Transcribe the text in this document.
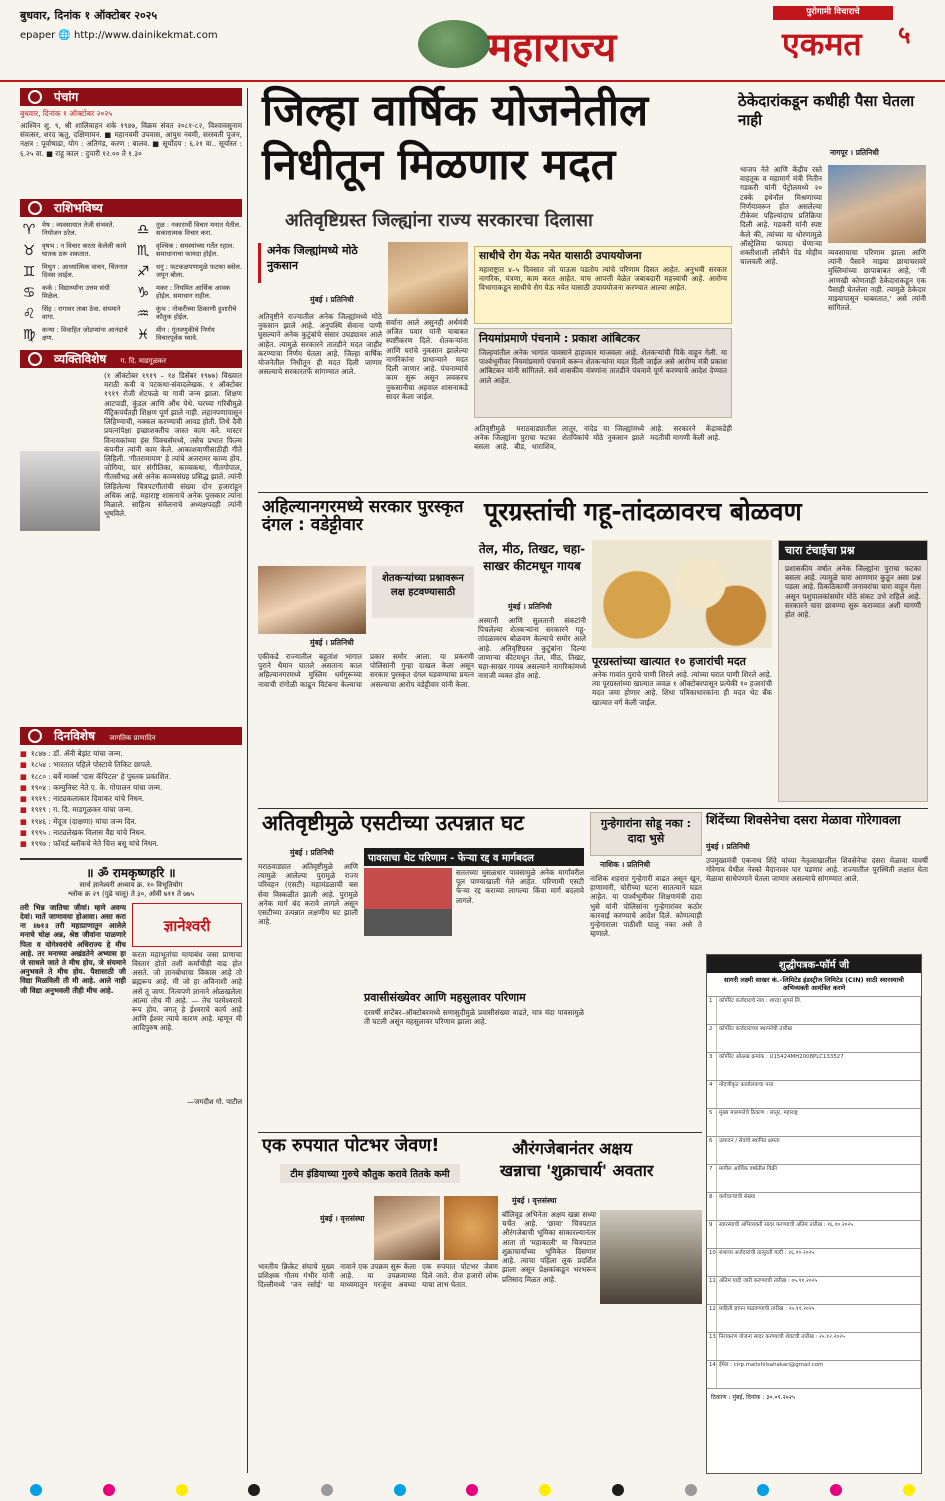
बुधवार, दिनांक १ ऑक्टोबर २०२५
epaper 🌐 http://www.dainikekmat.com	महाराज्य
पुरोगामी विचाराचे
एकमत ५
पंचांग
बुधवार, दिनांक १ ऑक्टोबर २०२५
आश्विन शु. ९, श्री शालिवाहन शके १९४७, विक्रम संवत २०८१-८२, विश्वावसुनाम संवत्सर, शरद ऋतु, दक्षिणायन. ■ महानवमी उपवास, आयुध नवमी, सरस्वती पूजन, नक्षत्र : पूर्वाषाढा, योग : अतिगंड, करण : बालव. ■ सूर्योदय : ६.२१ वा.. सूर्यास्त : ६.२५ वा. ■ राहु काल : दुपारी १२.०० ते १.३०
राशिभविष्य
♈	मेष : व्यवसायात तेजी संभवते. नियोजन ठरेल.	♎	तुळ : नकारार्थी विचार मनात येतील. सकारात्मक विचार करा.
♉	वृषभ : न विचार करता केलेली कामे घातक ठरू शकतात.	♏	वृश्चिक : समस्यांच्या गर्तेत रहाल. समाधानाचा फायदा होईल.
♊	मिथुन : आध्यात्मिक वाचन, चिंतनात दिवस जाईल.	♐	धनु : फटकळपणामुळे फटका बसेल. जपून बोला.
♋	कर्क : विद्यार्थ्यांना उत्तम संधी मिळेल.	♑	मकर : नियमित आर्थिक आवक होईल. समाधान राहील.
♌	सिंह : रागावर ताबा ठेवा. संयमाने वागा.	♒	कुंभ : नोकरीच्या ठिकाणी हुशारीचे कौतुक होईल.
♍	कन्या : विवाहित जोडप्यांना आनंदाचे क्षण.	♓	मीन : गुंतवणुकीचे निर्णय विचारपूर्वक घ्यावे.
व्यक्तिविशेष ग. दि. माडगूळकर
(१ ऑक्टोबर १९१९ – १४ डिसेंबर १९७७) विख्यात मराठी कवी व पटकथा-संवादलेखक. १ ऑक्टोबर १९१९ रोजी शेटफळे या गावी जन्म झाला. शिक्षण आटपाडी, कुंडल आणि औंध येथे. घरच्या गरिबीमुळे मॅट्रिकपर्यंतही शिक्षण पूर्ण झाले नाही. लहानपणापासून लिहिण्याची, नक्कल करण्याची आवड होती. तिथे दैवी प्रयत्नांपेक्षा इच्छाशक्तीच जास्त काम करे. मास्टर विनायकांच्या हंस पिक्चर्समध्ये, तसेच प्रभात फिल्म कंपनीत त्यांनी काम केले. आकाशवाणीसाठीही गीते लिहिली. 'गीतरामायण' हे त्यांचे अजरामर काव्य होय. जोगिया, चार संगीतिका, काव्यकथा, गीतगोपाल, गीतसौभद्र असे अनेक काव्यसंग्रह प्रसिद्ध झाले. त्यांनी लिहिलेल्या चित्रपटगीतांची संख्या दोन हजारांहून अधिक आहे. महाराष्ट्र शासनाचे अनेक पुरस्कार त्यांना मिळाले. साहित्य संमेलनाचे अध्यक्षपदही त्यांनी भूषविले.
दिनविशेष जागतिक प्राणादिन
■ १८४७ : डॉ. ॲनी बेझंट यांचा जन्म.
■ १८५४ : भारतात पहिले पोस्टाचे तिकिट छापले.
■ १८८० : बर्वे मार्क्स 'दास कॅपिटल' हे पुस्तक प्रकाशित.
■ १९०४ : कम्युनिस्ट नेते ए. के. गोपालन यांचा जन्म.
■ १९१९ : नाट्यकलाकार दिवाकर यांचे निधन.
■ १९१९ : ग. दि. माडगूळकर यांचा जन्म.
■ १९४६ : मेंदूज (दाक्षणा) यांचा जन्म दिन.
■ १९९५ : नाट्यलेखक विलास वैद्य यांचे निधन.
■ १९९७ : फॉवर्ड ब्लॉकचे नेते चित्त बसू यांचे निधन.
॥ ॐ रामकृष्णहरि ॥
सार्थ ज्ञानेश्वरी अध्याय क्र. १० विभूतियोग
श्लोक क्र २९ (पुढे चालू) ते ३०, ओवी ७११ ते ७७५
तरी भिन्न जातिचा जीवां। म्हणे अवग्य देवां। मातें जाणावया होआवा। असा करा ना ॥७१॥ तरी महाप्राणातुन आलेले मनाचे चोक्ष अन्न, श्रेष्ठ जीवांना पाळणारे पिता व योगेश्वरांचे अधिराज्य हे मीच आहे. तर मनाच्या अखंडतेने अभ्यास हा जे साधले जाते ते मीच होय, जे संयमाने अनुभवले ते मीच होय. पैशासाठी जी विद्या मिळविली ती मी आहे. आले नाही जी विद्या अनुभवली तीही मीच आहे.
ज्ञानेश्वरी
करता महाभूतांचा मायाबंध जसा प्राणाचा विस्तार होतो तशी कर्माचीही वाढ होत असते. जो ज्ञानबोधाचा विकास आहे तो ब्रह्मरूप आहे. मी जो हा अविनाशी आहे असे तू जाण. नित्यपणे ज्ञानाने ओळखलेला आत्मा तोच मी आहे. — तेच परमेश्वराचे रूप होय. जगत् हे ईश्वराचे कार्य आहे आणि ईश्वर त्याचे कारण आहे. म्हणून मी आदिपुरुष आहे.
—जगदीश गो. पाटील
जिल्हा वार्षिक योजनेतील
निधीतून मिळणार मदत
अतिवृष्टिग्रस्त जिल्ह्यांना राज्य सरकारचा दिलासा
अनेक जिल्ह्यांमध्ये मोठे नुकसान
मुंबई । प्रतिनिधी
अतिवृष्टीने राज्यातील अनेक जिल्ह्यांमध्ये मोठे नुकसान झाले आहे. अनुपस्थि सेवाना पाणी घुसल्याने अनेक कुटुंबांचे संसार उघड्यावर आले आहेत. त्यामुळे सरकारने तातडीने मदत जाहीर करण्याचा निर्णय घेतला आहे. जिल्हा वार्षिक योजनेतील निधीतून ही मदत दिली जाणार असल्याचे सरकारतर्फे सांगण्यात आले.
सर्वाना आले असुनही अर्थमंत्री अजित पवार यांनी याबाबत स्पष्टीकरण दिले. शेतकऱ्यांना आणि घरांचे नुकसान झालेल्या नागरिकांना प्राधान्याने मदत दिली जाणार आहे. पंचनाम्यांचे काम सुरू असून लवकरच नुकसानीचा अहवाल शासनाकडे सादर केला जाईल.
साथीचे रोग येऊ नयेत यासाठी उपाययोजना
महाराष्ट्रात ४–५ दिवसात जो पाऊस पडतोय त्यांचे परिणाम दिसत आहेत. अनुभवी सरकार नागरिक, यंत्रणा, काम करत आहेत. याच आपत्ती वेळेत जबाबदारी महत्त्वाची आहे. आरोग्य विभागाकडून साथीचे रोग येऊ नयेत यासाठी उपाययोजना करण्यात आल्या आहेत.
नियमांप्रमाणे पंचनामे : प्रकाश आंबिटकर
जिल्हयांतील अनेक भागांत पावसाने हाहाकार माजवला आहे. शेतकऱ्यांची पिके वाहून गेली. या पार्श्वभूमीवर नियमांप्रमाणे पंचनामे करून शेतकऱ्यांना मदत दिली जाईल असे आरोग्य मंत्री प्रकाश आंबिटकर यांनी सांगितले. सर्व शासकीय यंत्रणांना तातडीने पंचनामे पूर्ण करण्याचे आदेश देण्यात आले आहेत.
अतिवृष्टीमुळे मराठवाड्यातील अनेक जिल्ह्यांना पुराचा फटका बसला आहे. बीड, धाराशिव, लातूर, नांदेड या जिल्ह्यांमध्ये शेतपिकांचे मोठे नुकसान झाले आहे. सरकारने केंद्राकडेही मदतीची मागणी केली आहे.
ठेकेदारांकडून कधीही पैसा घेतला नाही
नागपूर । प्रतिनिधी
भाजप नेते आणि केंद्रीय रस्ते वाहतूक व महामार्ग मंत्री नितीन गडकरी यांनी पेट्रोलमध्ये २० टक्के इथेनॉल मिश्रणाच्या निर्णयावरून होत असलेल्या टीकेवर पहिल्यांदाच प्रतिक्रिया दिली आहे. गडकरी यांनी स्पष्ट केले की, त्यांच्या या धोरणामुळे ऑस्ट्रेलिया फायदा घेणाऱ्या शक्तीशाली लॉबीने पेड मोहीम चालवली आहे.
व्यवसायाचा परिणाम झाला आणि त्यांनी पैसाने माझ्या छायाचरावरे मुस्लिमांच्या छापाबाबत आहे, 'मी आणखी कोणताही ठेकेदाराकडून एक पैसाही घेतलेला नाही. त्यामुळे ठेकेदार माझ्यापासून घाबरतात,' असे त्यांनी सांगितले.
अहिल्यानगरमध्ये सरकार पुरस्कृत दंगल : वडेट्टीवार
शेतकऱ्यांच्या प्रश्नावरून लक्ष हटवण्यासाठी
मुंबई । प्रतिनिधी
एकीकडे राज्यातील बहुतांश भागात पुराने थैमान घातले असताना काल अहिल्यानगरमध्ये मुस्लिम धर्मगुरूच्या नावाची रांगोळी काढून विटंबना केल्याचा प्रकार समोर आला. या प्रकरणी पोलिसांनी गुन्हा दाखल केला असून सरकार पुरस्कृत दंगल घडवण्याचा प्रयत्न असल्याचा आरोप वडेट्टीवार यांनी केला.
पूरग्रस्तांची गहू-तांदळावरच बोळवण
तेल, मीठ, तिखट, चहा-साखर कीटमधून गायब
मुंबई । प्रतिनिधी
अस्मानी आणि सुलतानी संकटांनी पिचलेल्या शेतकऱ्यांना सरकारने गहू-तांदळावरच बोळवण केल्याचे समोर आले आहे. अतिवृष्टिग्रस्त कुटुंबांना दिल्या जाणाऱ्या कीटमधून तेल, मीठ, तिखट, चहा-साखर गायब असल्याने नागरिकांमध्ये नाराजी व्यक्त होत आहे.
पूरग्रस्तांच्या खात्यात १० हजारांची मदत
अनेक गावांत पुराचे पाणी शिरले आहे. त्यांच्या घरात पाणी शिरले आहे. त्या पूरग्रस्तांच्या खात्यात जवळ १ ऑक्टोबरपासून प्रत्येकी १० हजारांची मदत जमा होणार आहे. शिधा पत्रिकाधारकांना ही मदत थेट बँक खात्यात वर्ग केली जाईल.
चारा टंचाईचा प्रश्न
प्रशासकीय वर्षात अनेक जिल्ह्यांना पुराचा फटका बसला आहे. त्यामुळे चारा आणणार कुठून असा प्रश्न पडला आहे. ठिकठिकाणी जनावरांचा चारा वाहून गेला असून पशुपालकांसमोर मोठे संकट उभे राहिले आहे. सरकारने चारा छावण्या सुरू कराव्यात अशी मागणी होत आहे.
अतिवृष्टीमुळे एसटीच्या उत्पन्नात घट
मुंबई । प्रतिनिधी
मराठवाड्यात अतिवृष्टीमुळे आणि त्यामुळे आलेल्या पुरामुळे राज्य परिवहन (एसटी) महामंडळाची बस सेवा विस्कळीत झाली आहे. पुरामुळे अनेक मार्ग बंद करावे लागले असून एसटीच्या उत्पन्नात लक्षणीय घट झाली आहे.
पावसाचा थेट परिणाम - फेऱ्या रद्द व मार्गबदल
सततच्या मुसळधार पावसामुळे अनेक मार्गांवरील पूल पाण्याखाली गेले आहेत. परिणामी एसटी फेऱ्या रद्द कराव्या लागल्या किंवा मार्ग बदलावे लागले.
प्रवासीसंख्येवर आणि महसुलावर परिणाम
दरवर्षी सप्टेंबर–ऑक्टोबरमध्ये सणासुदीमुळे प्रवासीसंख्या वाढते, मात्र यंदा पावसामुळे ती घटली असून महसुलावर परिणाम झाला आहे.
गुन्हेगारांना सोडू नका : दादा भुसे
नाशिक । प्रतिनिधी
नाशिक शहरात गुन्हेगारी वाढत असून खून, हाणामारी, चोरीच्या घटना सातत्याने घडत आहेत. या पार्श्वभूमीवर शिक्षणमंत्री दादा भुसे यांनी पोलिसांना गुन्हेगारांवर कठोर कारवाई करण्याचे आदेश दिले. कोणत्याही गुन्हेगाराला पाठीशी घालू नका असे ते म्हणाले.
शिंदेंच्या शिवसेनेचा दसरा मेळावा गोरेगावला
मुंबई । प्रतिनिधी
उपमुख्यमंत्री एकनाथ शिंदे यांच्या नेतृत्वाखालील शिवसेनेचा दसरा मेळावा यावर्षी गोरेगाव येथील नेस्को मैदानावर पार पडणार आहे. राज्यातील पूरस्थिती लक्षात घेता मेळावा साधेपणाने घेतला जाणार असल्याचे सांगण्यात आले.
शुद्धीपत्रक-फॉर्म जी
सागरी लक्ष्मी साखर कं.–लिमिटेड इंडस्ट्रीज लिमिटेड (CIN) साठी स्वारस्याची अभिव्यक्ती आमंत्रित करणे
1	कॉर्पोरेट कर्जदाराचे नाव : शारदा शुगर्स लि.
2	कॉर्पोरेट कर्जदाराच्या स्थापनेची तारीख
3	कॉर्पोरेट ओळख क्रमांक : U15424MH2008PLC133527
4	नोंदणीकृत कार्यालयाचा पत्ता
5	मुख्य मालमत्तेचे ठिकाण : लातूर, महाराष्ट्र
6	उत्पादन / सेवांचे स्थापित क्षमता
7	मागील आर्थिक वर्षातील विक्री
8	कर्मचाऱ्यांची संख्या
9	स्वारस्याची अभिव्यक्ती सादर करण्याची अंतिम तारीख : १६.१०.२०२५
10 संभाव्य अर्जदारांची तात्पुरती यादी : २६.१०.२०२५
11 अंतिम यादी जारी करण्याची तारीख : ०५.११.२०२५
12 माहिती ज्ञापन पाठवण्याची तारीख : २५.११.२०२५
13 निराकरण योजना सादर करण्याची शेवटची तारीख : २५.१२.२०२५
14 ईमेल : cirp.maitshilsahakari@gmail.com
ठिकाण : मुंबई, दिनांक : ३०.०९.२०२५
एक रुपयात पोटभर जेवण!
टीम इंडियाच्या गुरुचे कौतुक करावे तितके कमी
मुंबई । वृत्तसंस्था
भारतीय क्रिकेट संघाचे मुख्य प्रशिक्षक गौतम गंभीर यांनी दिल्लीमध्ये 'जन रसोई' या नावाने एक उपक्रम सुरू केला आहे. या उपक्रमाच्या माध्यमातून गरजूंना अवघ्या एक रुपयात पोटभर जेवण दिले जाते. रोज हजारो लोक याचा लाभ घेतात.
औरंगजेबानंतर अक्षय
खन्नाचा 'शुक्राचार्य' अवतार
मुंबई । वृत्तसंस्था
बॉलिवूड अभिनेता अक्षय खन्ना सध्या चर्चेत आहे. 'छावा' चित्रपटात औरंगजेबाची भूमिका साकारल्यानंतर आता तो 'महाकाली' या चित्रपटात शुक्राचार्यांच्या भूमिकेत दिसणार आहे. त्याचा पहिला लूक प्रदर्शित झाला असून प्रेक्षकांकडून भरभरून प्रतिसाद मिळत आहे.
